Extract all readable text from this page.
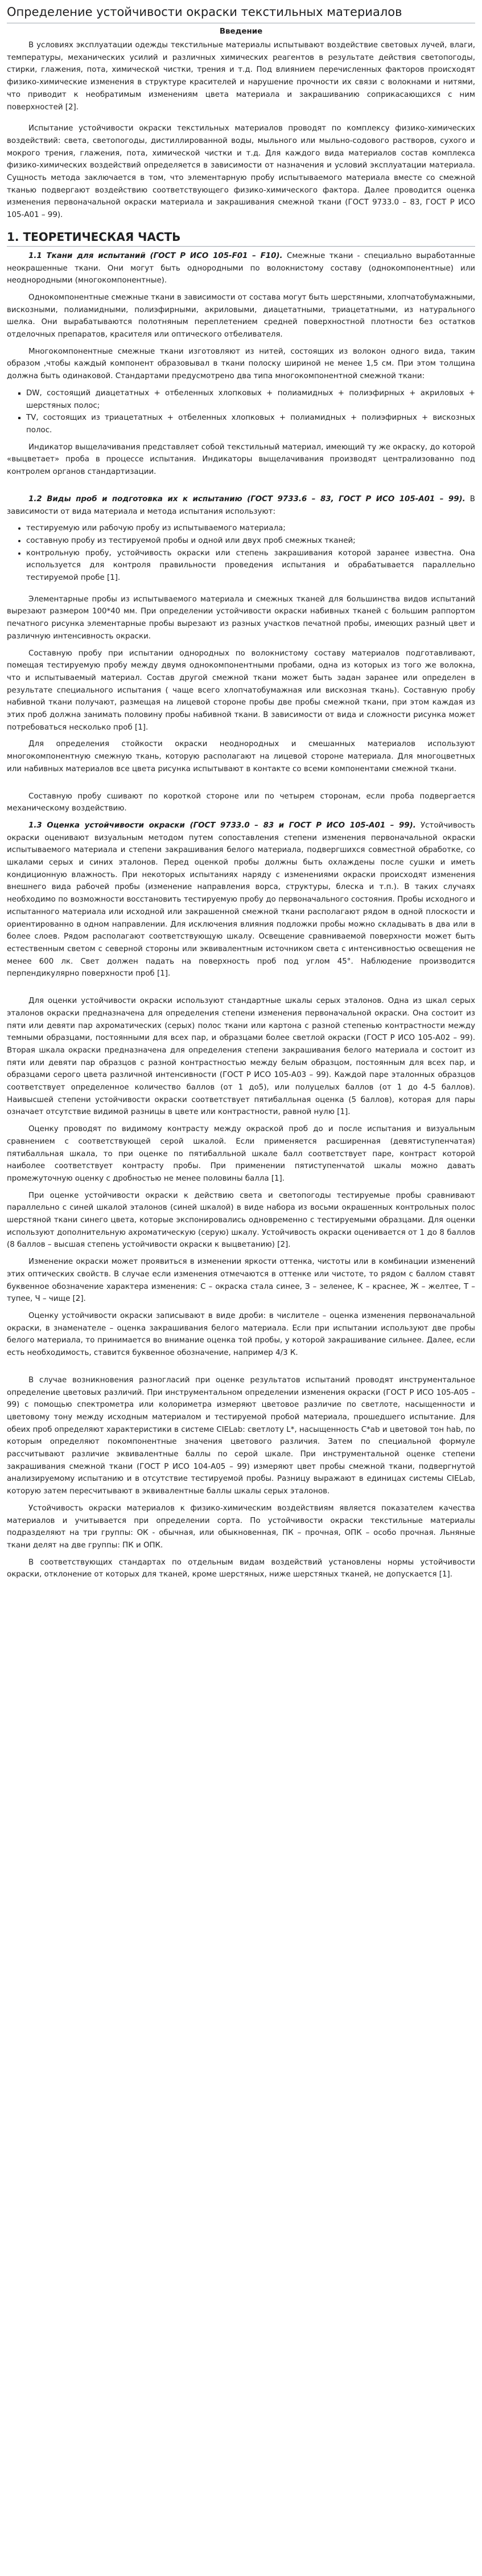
Определение устойчивости окраски текстильных материалов
Введение

В условиях эксплуатации одежды текстильные материалы испытывают воздействие световых лучей, влаги, температуры, механических усилий и различных химических реагентов в результате действия светопогоды, стирки, глажения, пота, химической чистки, трения и т.д. Под влиянием перечисленных факторов происходят физико-химические изменения в структуре красителей и нарушение прочности их связи с волокнами и нитями, что приводит к необратимым изменениям цвета материала и закрашиванию соприкасающихся с ним поверхностей [2].

Испытание устойчивости окраски текстильных материалов проводят по комплексу физико-химических воздействий: света, светопогоды, дистиллированной воды, мыльного или мыльно-содового растворов, сухого и мокрого трения, глажения, пота, химической чистки и т.д. Для каждого вида материалов состав комплекса физико-химических воздействий определяется в зависимости от назначения и условий эксплуатации материала. Сущность метода заключается в том, что элементарную пробу испытываемого материала вместе со смежной тканью подвергают воздействию соответствующего физико-химического фактора. Далее проводится оценка изменения первоначальной окраски материала и закрашивания смежной ткани (ГОСТ 9733.0 – 83, ГОСТ Р ИСО 105-А01 – 99).

1. ТЕОРЕТИЧЕСКАЯ ЧАСТЬ

1.1 Ткани для испытаний (ГОСТ Р ИСО 105-F01 – F10). Смежные ткани - специально выработанные неокрашенные ткани. Они могут быть однородными по волокнистому составу (однокомпонентные) или неоднородными (многокомпонентные).

Однокомпонентные смежные ткани в зависимости от состава могут быть шерстяными, хлопчатобумажными, вискозными, полиамидными, полиэфирными, акриловыми, диацетатными, триацетатными, из натурального шелка. Они вырабатываются полотняным переплетением средней поверхностной плотности без остатков отделочных препаратов, красителя или оптического отбеливателя.

Многокомпонентные смежные ткани изготовляют из нитей, состоящих из волокон одного вида, таким образом ,чтобы каждый компонент образовывал в ткани полоску шириной не менее 1,5 см. При этом толщина должна быть одинаковой. Стандартами предусмотрено два типа многокомпонентной смежной ткани:

▪ DW, состоящий диацетатных + отбеленных хлопковых + полиамидных + полиэфирных + акриловых + шерстяных полос;
▪ TV, состоящих из триацетатных + отбеленных хлопковых + полиамидных + полиэфирных + вискозных полос.

Индикатор выщелачивания представляет собой текстильный материал, имеющий ту же окраску, до которой «выцветает» проба в процессе испытания. Индикаторы выщелачивания производят централизованно под контролем органов стандартизации.

1.2 Виды проб и подготовка их к испытанию (ГОСТ 9733.6 – 83, ГОСТ Р ИСО 105-А01 – 99). В зависимости от вида материала и метода испытания используют:

• тестируемую или рабочую пробу из испытываемого материала;
• составную пробу из тестируемой пробы и одной или двух проб смежных тканей;
• контрольную пробу, устойчивость окраски или степень закрашивания которой заранее известна. Она используется для контроля правильности проведения испытания и обрабатывается параллельно тестируемой пробе [1].

Элементарные пробы из испытываемого материала и смежных тканей для большинства видов испытаний вырезают размером 100*40 мм. При определении устойчивости окраски набивных тканей с большим раппортом печатного рисунка элементарные пробы вырезают из разных участков печатной пробы, имеющих разный цвет и различную интенсивность окраски.

Составную пробу при испытании однородных по волокнистому составу материалов подготавливают, помещая тестируемую пробу между двумя однокомпонентными пробами, одна из которых из того же волокна, что и испытываемый материал. Состав другой смежной ткани может быть задан заранее или определен в результате специального испытания ( чаще всего хлопчатобумажная или вискозная ткань). Составную пробу набивной ткани получают, размещая на лицевой стороне пробы две пробы смежной ткани, при этом каждая из этих проб должна занимать половину пробы набивной ткани. В зависимости от вида и сложности рисунка может потребоваться несколько проб [1].

Для определения стойкости окраски неоднородных и смешанных материалов используют многокомпонентную смежную ткань, которую располагают на лицевой стороне материала. Для многоцветных или набивных материалов все цвета рисунка испытывают в контакте со всеми компонентами смежной ткани.

Составную пробу сшивают по короткой стороне или по четырем сторонам, если проба подвергается механическому воздействию.

1.3 Оценка устойчивости окраски (ГОСТ 9733.0 – 83 и ГОСТ Р ИСО 105-А01 – 99). Устойчивость окраски оценивают визуальным методом путем сопоставления степени изменения первоначальной окраски испытываемого материала и степени закрашивания белого материала, подвергшихся совместной обработке, со шкалами серых и синих эталонов. Перед оценкой пробы должны быть охлаждены после сушки и иметь кондиционную влажность. При некоторых испытаниях наряду с изменениями окраски происходят изменения внешнего вида рабочей пробы (изменение направления ворса, структуры, блеска и т.п.). В таких случаях необходимо по возможности восстановить тестируемую пробу до первоначального состояния. Пробы исходного и испытанного материала или исходной или закрашенной смежной ткани располагают рядом в одной плоскости и ориентированно в одном направлении. Для исключения влияния подложки пробы можно складывать в два или в более слоев. Рядом располагают соответствующую шкалу. Освещение сравниваемой поверхности может быть естественным светом с северной стороны или эквивалентным источником света с интенсивностью освещения не менее 600 лк. Свет должен падать на поверхность проб под углом 45°. Наблюдение производится перпендикулярно поверхности проб [1].

Для оценки устойчивости окраски используют стандартные шкалы серых эталонов. Одна из шкал серых эталонов окраски предназначена для определения степени изменения первоначальной окраски. Она состоит из пяти или девяти пар ахроматических (серых) полос ткани или картона с разной степенью контрастности между темными образцами, постоянными для всех пар, и образцами более светлой окраски (ГОСТ Р ИСО 105-А02 – 99). Вторая шкала окраски предназначена для определения степени закрашивания белого материала и состоит из пяти или девяти пар образцов с разной контрастностью между белым образцом, постоянным для всех пар, и образцами серого цвета различной интенсивности (ГОСТ Р ИСО 105-А03 – 99). Каждой паре эталонных образцов соответствует определенное количество баллов (от 1 до5), или полуцелых баллов (от 1 до 4-5 баллов). Наивысшей степени устойчивости окраски соответствует пятибалльная оценка (5 баллов), которая для пары означает отсутствие видимой разницы в цвете или контрастности, равной нулю [1].

Оценку проводят по видимому контрасту между окраской проб до и после испытания и визуальным сравнением с соответствующей серой шкалой. Если применяется расширенная (девятиступенчатая) пятибалльная шкала, то при оценке по пятибалльной шкале балл соответствует паре, контраст которой наиболее соответствует контрасту пробы. При применении пятиступенчатой шкалы можно давать промежуточную оценку с дробностью не менее половины балла [1].

При оценке устойчивости окраски к действию света и светопогоды тестируемые пробы сравнивают параллельно с синей шкалой эталонов (синей шкалой) в виде набора из восьми окрашенных контрольных полос шерстяной ткани синего цвета, которые экспонировались одновременно с тестируемыми образцами. Для оценки используют дополнительную ахроматическую (серую) шкалу. Устойчивость окраски оценивается от 1 до 8 баллов (8 баллов – высшая степень устойчивости окраски к выцветанию) [2].

Изменение окраски может проявиться в изменении яркости оттенка, чистоты или в комбинации изменений этих оптических свойств. В случае если изменения отмечаются в оттенке или чистоте, то рядом с баллом ставят буквенное обозначение характера изменения: С – окраска стала синее, З – зеленее, К – краснее, Ж – желтее, Т – тупее, Ч – чище [2].

Оценку устойчивости окраски записывают в виде дроби: в числителе – оценка изменения первоначальной окраски, в знаменателе – оценка закрашивания белого материала. Если при испытании используют две пробы белого материала, то принимается во внимание оценка той пробы, у которой закрашивание сильнее. Далее, если есть необходимость, ставится буквенное обозначение, например 4/3 К.

В случае возникновения разногласий при оценке результатов испытаний проводят инструментальное определение цветовых различий. При инструментальном определении изменения окраски (ГОСТ Р ИСО 105-А05 – 99) с помощью спектрометра или колориметра измеряют цветовое различие по светлоте, насыщенности и цветовому тону между исходным материалом и тестируемой пробой материала, прошедшего испытание. Для обеих проб определяют характеристики в системе CIELab: светлоту L*, насыщенность C*ab и цветовой тон hab, по которым определяют покомпонентные значения цветового различия. Затем по специальной формуле рассчитывают различие эквивалентные баллы по серой шкале. При инструментальной оценке степени закрашивания смежной ткани (ГОСТ Р ИСО 104-А05 – 99) измеряют цвет пробы смежной ткани, подвергнутой анализируемому испытанию и в отсутствие тестируемой пробы. Разницу выражают в единицах системы CIELab, которую затем пересчитывают в эквивалентные баллы шкалы серых эталонов.

Устойчивость окраски материалов к физико-химическим воздействиям является показателем качества материалов и учитывается при определении сорта. По устойчивости окраски текстильные материалы подразделяют на три группы: ОК - обычная, или обыкновенная, ПК – прочная, ОПК – особо прочная. Льняные ткани делят на две группы: ПК и ОПК.

В соответствующих стандартах по отдельным видам воздействий установлены нормы устойчивости окраски, отклонение от которых для тканей, кроме шерстяных, ниже шерстяных тканей, не допускается [1].
